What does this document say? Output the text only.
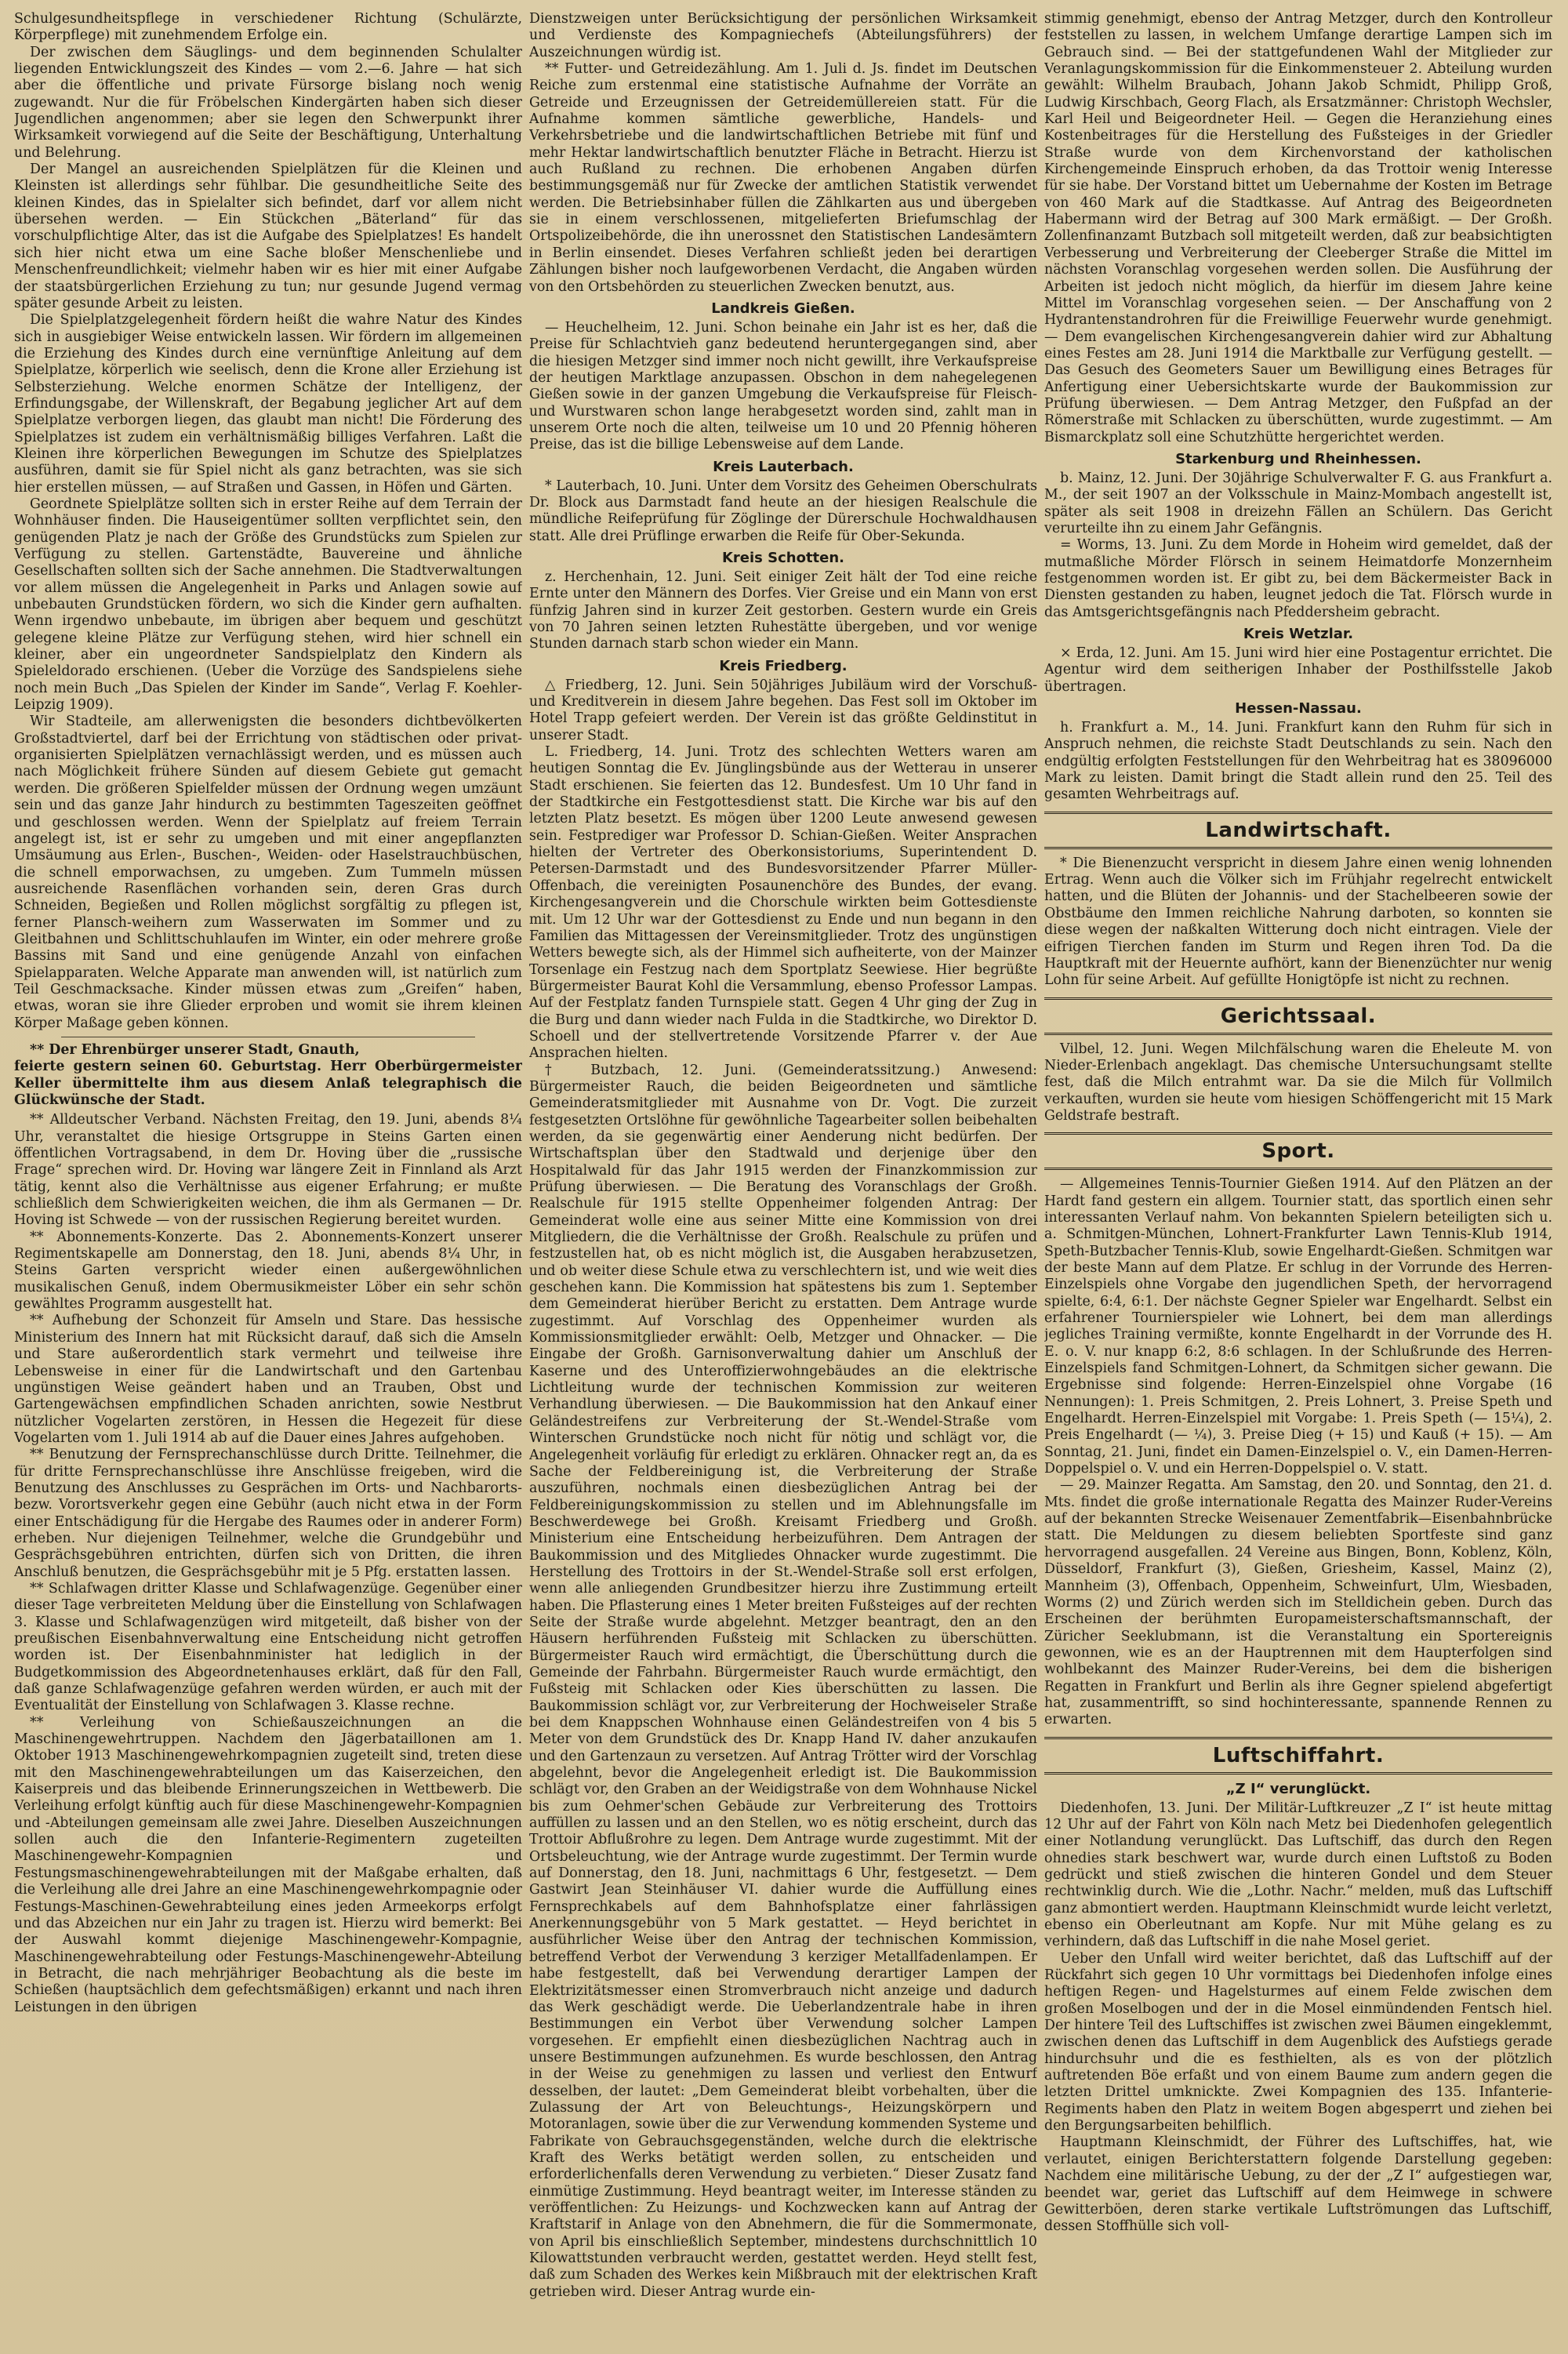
Schulgesundheitspflege in verschiedener Richtung (Schulärzte, Körperpflege) mit zunehmendem Erfolge ein.

Der zwischen dem Säuglings- und dem beginnenden Schulalter liegenden Entwicklungszeit des Kindes — vom 2.—6. Jahre — hat sich aber die öffentliche und private Fürsorge bislang noch wenig zugewandt. Nur die für Fröbelschen Kindergärten haben sich dieser Jugendlichen angenommen; aber sie legen den Schwerpunkt ihrer Wirksamkeit vorwiegend auf die Seite der Beschäftigung, Unterhaltung und Belehrung.

Der Mangel an ausreichenden Spielplätzen für die Kleinen und Kleinsten ist allerdings sehr fühlbar. Die gesundheitliche Seite des kleinen Kindes, das in Spielalter sich befindet, darf vor allem nicht übersehen werden. — Ein Stückchen „Bäterland“ für das vorschulpflichtige Alter, das ist die Aufgabe des Spielplatzes! Es handelt sich hier nicht etwa um eine Sache bloßer Menschenliebe und Menschenfreundlichkeit; vielmehr haben wir es hier mit einer Aufgabe der staatsbürgerlichen Erziehung zu tun; nur gesunde Jugend vermag später gesunde Arbeit zu leisten.

Die Spielplatzgelegenheit fördern heißt die wahre Natur des Kindes sich in ausgiebiger Weise entwickeln lassen. Wir fördern im allgemeinen die Erziehung des Kindes durch eine vernünftige Anleitung auf dem Spielplatze, körperlich wie seelisch, denn die Krone aller Erziehung ist Selbsterziehung. Welche enormen Schätze der Intelligenz, der Erfindungsgabe, der Willenskraft, der Begabung jeglicher Art auf dem Spielplatze verborgen liegen, das glaubt man nicht! Die Förderung des Spielplatzes ist zudem ein verhältnismäßig billiges Verfahren. Laßt die Kleinen ihre körperlichen Bewegungen im Schutze des Spielplatzes ausführen, damit sie für Spiel nicht als ganz betrachten, was sie sich hier erstellen müssen, — auf Straßen und Gassen, in Höfen und Gärten.

Geordnete Spielplätze sollten sich in erster Reihe auf dem Terrain der Wohnhäuser finden. Die Hauseigentümer sollten verpflichtet sein, den genügenden Platz je nach der Größe des Grundstücks zum Spielen zur Verfügung zu stellen. Gartenstädte, Bauvereine und ähnliche Gesellschaften sollten sich der Sache annehmen. Die Stadtverwaltungen vor allem müssen die Angelegenheit in Parks und Anlagen sowie auf unbebauten Grundstücken fördern, wo sich die Kinder gern aufhalten. Wenn irgendwo unbebaute, im übrigen aber bequem und geschützt gelegene kleine Plätze zur Verfügung stehen, wird hier schnell ein kleiner, aber ein ungeordneter Sandspielplatz den Kindern als Spieleldorado erschienen. (Ueber die Vorzüge des Sandspielens siehe noch mein Buch „Das Spielen der Kinder im Sande“, Verlag F. Koehler-Leipzig 1909).

Wir Stadteile, am allerwenigsten die besonders dichtbevölkerten Großstadtviertel, darf bei der Errichtung von städtischen oder privat-organisierten Spielplätzen vernachlässigt werden, und es müssen auch nach Möglichkeit frühere Sünden auf diesem Gebiete gut gemacht werden. Die größeren Spielfelder müssen der Ordnung wegen umzäunt sein und das ganze Jahr hindurch zu bestimmten Tageszeiten geöffnet und geschlossen werden. Wenn der Spielplatz auf freiem Terrain angelegt ist, ist er sehr zu umgeben und mit einer angepflanzten Umsäumung aus Erlen-, Buschen-, Weiden- oder Haselstrauchbüschen, die schnell emporwachsen, zu umgeben. Zum Tummeln müssen ausreichende Rasenflächen vorhanden sein, deren Gras durch Schneiden, Begießen und Rollen möglichst sorgfältig zu pflegen ist, ferner Plansch-weihern zum Wasserwaten im Sommer und zu Gleitbahnen und Schlittschuhlaufen im Winter, ein oder mehrere große Bassins mit Sand und eine genügende Anzahl von einfachen Spielapparaten. Welche Apparate man anwenden will, ist natürlich zum Teil Geschmacksache. Kinder müssen etwas zum „Greifen“ haben, etwas, woran sie ihre Glieder erproben und womit sie ihrem kleinen Körper Maßage geben können.

** Der Ehrenbürger unserer Stadt, Gnauth,

feierte gestern seinen 60. Geburtstag. Herr Oberbürgermeister Keller übermittelte ihm aus diesem Anlaß telegraphisch die Glückwünsche der Stadt.

** Alldeutscher Verband. Nächsten Freitag, den 19. Juni, abends 8¼ Uhr, veranstaltet die hiesige Ortsgruppe in Steins Garten einen öffentlichen Vortragsabend, in dem Dr. Hoving über die „russische Frage“ sprechen wird. Dr. Hoving war längere Zeit in Finnland als Arzt tätig, kennt also die Verhältnisse aus eigener Erfahrung; er mußte schließlich dem Schwierigkeiten weichen, die ihm als Germanen — Dr. Hoving ist Schwede — von der russischen Regierung bereitet wurden.

** Abonnements-Konzerte. Das 2. Abonnements-Konzert unserer Regimentskapelle am Donnerstag, den 18. Juni, abends 8¼ Uhr, in Steins Garten verspricht wieder einen außergewöhnlichen musikalischen Genuß, indem Obermusikmeister Löber ein sehr schön gewähltes Programm ausgestellt hat.

** Aufhebung der Schonzeit für Amseln und Stare. Das hessische Ministerium des Innern hat mit Rücksicht darauf, daß sich die Amseln und Stare außerordentlich stark vermehrt und teilweise ihre Lebensweise in einer für die Landwirtschaft und den Gartenbau ungünstigen Weise geändert haben und an Trauben, Obst und Gartengewächsen empfindlichen Schaden anrichten, sowie Nestbrut nützlicher Vogelarten zerstören, in Hessen die Hegezeit für diese Vogelarten vom 1. Juli 1914 ab auf die Dauer eines Jahres aufgehoben.

** Benutzung der Fernsprechanschlüsse durch Dritte. Teilnehmer, die für dritte Fernsprechanschlüsse ihre Anschlüsse freigeben, wird die Benutzung des Anschlusses zu Gesprächen im Orts- und Nachbarorts- bezw. Vorortsverkehr gegen eine Gebühr (auch nicht etwa in der Form einer Entschädigung für die Hergabe des Raumes oder in anderer Form) erheben. Nur diejenigen Teilnehmer, welche die Grundgebühr und Gesprächsgebühren entrichten, dürfen sich von Dritten, die ihren Anschluß benutzen, die Gesprächsgebühr mit je 5 Pfg. erstatten lassen.

** Schlafwagen dritter Klasse und Schlafwagenzüge. Gegenüber einer dieser Tage verbreiteten Meldung über die Einstellung von Schlafwagen 3. Klasse und Schlafwagenzügen wird mitgeteilt, daß bisher von der preußischen Eisenbahnverwaltung eine Entscheidung nicht getroffen worden ist. Der Eisenbahnminister hat lediglich in der Budgetkommission des Abgeordnetenhauses erklärt, daß für den Fall, daß ganze Schlafwagenzüge gefahren werden würden, er auch mit der Eventualität der Einstellung von Schlafwagen 3. Klasse rechne.

** Verleihung von Schießauszeichnungen an die Maschinengewehrtruppen. Nachdem den Jägerbataillonen am 1. Oktober 1913 Maschinengewehrkompagnien zugeteilt sind, treten diese mit den Maschinengewehrabteilungen um das Kaiserzeichen, den Kaiserpreis und das bleibende Erinnerungszeichen in Wettbewerb. Die Verleihung erfolgt künftig auch für diese Maschinengewehr-Kompagnien und -Abteilungen gemeinsam alle zwei Jahre. Dieselben Auszeichnungen sollen auch die den Infanterie-Regimentern zugeteilten Maschinengewehr-Kompagnien und Festungsmaschinengewehrabteilungen mit der Maßgabe erhalten, daß die Verleihung alle drei Jahre an eine Maschinengewehrkompagnie oder Festungs-Maschinen-Gewehrabteilung eines jeden Armeekorps erfolgt und das Abzeichen nur ein Jahr zu tragen ist. Hierzu wird bemerkt: Bei der Auswahl kommt diejenige Maschinengewehr-Kompagnie, Maschinengewehrabteilung oder Festungs-Maschinengewehr-Abteilung in Betracht, die nach mehrjähriger Beobachtung als die beste im Schießen (hauptsächlich dem gefechtsmäßigen) erkannt und nach ihren Leistungen in den übrigen

Dienstzweigen unter Berücksichtigung der persönlichen Wirksamkeit und Verdienste des Kompagniechefs (Abteilungsführers) der Auszeichnungen würdig ist.

** Futter- und Getreidezählung. Am 1. Juli d. Js. findet im Deutschen Reiche zum erstenmal eine statistische Aufnahme der Vorräte an Getreide und Erzeugnissen der Getreidemüllereien statt. Für die Aufnahme kommen sämtliche gewerbliche, Handels- und Verkehrsbetriebe und die landwirtschaftlichen Betriebe mit fünf und mehr Hektar landwirtschaftlich benutzter Fläche in Betracht. Hierzu ist auch Rußland zu rechnen. Die erhobenen Angaben dürfen bestimmungsgemäß nur für Zwecke der amtlichen Statistik verwendet werden. Die Betriebsinhaber füllen die Zählkarten aus und übergeben sie in einem verschlossenen, mitgelieferten Briefumschlag der Ortspolizeibehörde, die ihn unerossnet den Statistischen Landesämtern in Berlin einsendet. Dieses Verfahren schließt jeden bei derartigen Zählungen bisher noch laufgeworbenen Verdacht, die Angaben würden von den Ortsbehörden zu steuerlichen Zwecken benutzt, aus.

Landkreis Gießen.

— Heuchelheim, 12. Juni. Schon beinahe ein Jahr ist es her, daß die Preise für Schlachtvieh ganz bedeutend heruntergegangen sind, aber die hiesigen Metzger sind immer noch nicht gewillt, ihre Verkaufspreise der heutigen Marktlage anzupassen. Obschon in dem nahegelegenen Gießen sowie in der ganzen Umgebung die Verkaufspreise für Fleisch- und Wurstwaren schon lange herabgesetzt worden sind, zahlt man in unserem Orte noch die alten, teilweise um 10 und 20 Pfennig höheren Preise, das ist die billige Lebensweise auf dem Lande.

Kreis Lauterbach.

* Lauterbach, 10. Juni. Unter dem Vorsitz des Geheimen Oberschulrats Dr. Block aus Darmstadt fand heute an der hiesigen Realschule die mündliche Reifeprüfung für Zöglinge der Dürerschule Hochwaldhausen statt. Alle drei Prüflinge erwarben die Reife für Ober-Sekunda.

Kreis Schotten.

z. Herchenhain, 12. Juni. Seit einiger Zeit hält der Tod eine reiche Ernte unter den Männern des Dorfes. Vier Greise und ein Mann von erst fünfzig Jahren sind in kurzer Zeit gestorben. Gestern wurde ein Greis von 70 Jahren seinen letzten Ruhestätte übergeben, und vor wenige Stunden darnach starb schon wieder ein Mann.

Kreis Friedberg.

△ Friedberg, 12. Juni. Sein 50jähriges Jubiläum wird der Vorschuß- und Kreditverein in diesem Jahre begehen. Das Fest soll im Oktober im Hotel Trapp gefeiert werden. Der Verein ist das größte Geldinstitut in unserer Stadt.

L. Friedberg, 14. Juni. Trotz des schlechten Wetters waren am heutigen Sonntag die Ev. Jünglingsbünde aus der Wetterau in unserer Stadt erschienen. Sie feierten das 12. Bundesfest. Um 10 Uhr fand in der Stadtkirche ein Festgottesdienst statt. Die Kirche war bis auf den letzten Platz besetzt. Es mögen über 1200 Leute anwesend gewesen sein. Festprediger war Professor D. Schian-Gießen. Weiter Ansprachen hielten der Vertreter des Oberkonsistoriums, Superintendent D. Petersen-Darmstadt und des Bundesvorsitzender Pfarrer Müller-Offenbach, die vereinigten Posaunenchöre des Bundes, der evang. Kirchengesangverein und die Chorschule wirkten beim Gottesdienste mit. Um 12 Uhr war der Gottesdienst zu Ende und nun begann in den Familien das Mittagessen der Vereinsmitglieder. Trotz des ungünstigen Wetters bewegte sich, als der Himmel sich aufheiterte, von der Mainzer Torsenlage ein Festzug nach dem Sportplatz Seewiese. Hier begrüßte Bürgermeister Baurat Kohl die Versammlung, ebenso Professor Lampas. Auf der Festplatz fanden Turnspiele statt. Gegen 4 Uhr ging der Zug in die Burg und dann wieder nach Fulda in die Stadtkirche, wo Direktor D. Schoell und der stellvertretende Vorsitzende Pfarrer v. der Aue Ansprachen hielten.

† Butzbach, 12. Juni. (Gemeinderatssitzung.) Anwesend: Bürgermeister Rauch, die beiden Beigeordneten und sämtliche Gemeinderatsmitglieder mit Ausnahme von Dr. Vogt. Die zurzeit festgesetzten Ortslöhne für gewöhnliche Tagearbeiter sollen beibehalten werden, da sie gegenwärtig einer Aenderung nicht bedürfen. Der Wirtschaftsplan über den Stadtwald und derjenige über den Hospitalwald für das Jahr 1915 werden der Finanzkommission zur Prüfung überwiesen. — Die Beratung des Voranschlags der Großh. Realschule für 1915 stellte Oppenheimer folgenden Antrag: Der Gemeinderat wolle eine aus seiner Mitte eine Kommission von drei Mitgliedern, die die Verhältnisse der Großh. Realschule zu prüfen und festzustellen hat, ob es nicht möglich ist, die Ausgaben herabzusetzen, und ob weiter diese Schule etwa zu verschlechtern ist, und wie weit dies geschehen kann. Die Kommission hat spätestens bis zum 1. September dem Gemeinderat hierüber Bericht zu erstatten. Dem Antrage wurde zugestimmt. Auf Vorschlag des Oppenheimer wurden als Kommissionsmitglieder erwählt: Oelb, Metzger und Ohnacker. — Die Eingabe der Großh. Garnisonverwaltung dahier um Anschluß der Kaserne und des Unteroffizierwohngebäudes an die elektrische Lichtleitung wurde der technischen Kommission zur weiteren Verhandlung überwiesen. — Die Baukommission hat den Ankauf einer Geländestreifens zur Verbreiterung der St.-Wendel-Straße vom Winterschen Grundstücke noch nicht für nötig und schlägt vor, die Angelegenheit vorläufig für erledigt zu erklären. Ohnacker regt an, da es Sache der Feldbereinigung ist, die Verbreiterung der Straße auszuführen, nochmals einen diesbezüglichen Antrag bei der Feldbereinigungskommission zu stellen und im Ablehnungsfalle im Beschwerdewege bei Großh. Kreisamt Friedberg und Großh. Ministerium eine Entscheidung herbeizuführen. Dem Antragen der Baukommission und des Mitgliedes Ohnacker wurde zugestimmt. Die Herstellung des Trottoirs in der St.-Wendel-Straße soll erst erfolgen, wenn alle anliegenden Grundbesitzer hierzu ihre Zustimmung erteilt haben. Die Pflasterung eines 1 Meter breiten Fußsteiges auf der rechten Seite der Straße wurde abgelehnt. Metzger beantragt, den an den Häusern herführenden Fußsteig mit Schlacken zu überschütten. Bürgermeister Rauch wird ermächtigt, die Überschüttung durch die Gemeinde der Fahrbahn. Bürgermeister Rauch wurde ermächtigt, den Fußsteig mit Schlacken oder Kies überschütten zu lassen. Die Baukommission schlägt vor, zur Verbreiterung der Hochweiseler Straße bei dem Knappschen Wohnhause einen Geländestreifen von 4 bis 5 Meter von dem Grundstück des Dr. Knapp Hand IV. daher anzukaufen und den Gartenzaun zu versetzen. Auf Antrag Trötter wird der Vorschlag abgelehnt, bevor die Angelegenheit erledigt ist. Die Baukommission schlägt vor, den Graben an der Weidigstraße von dem Wohnhause Nickel bis zum Oehmer'schen Gebäude zur Verbreiterung des Trottoirs auffüllen zu lassen und an den Stellen, wo es nötig erscheint, durch das Trottoir Abflußrohre zu legen. Dem Antrage wurde zugestimmt. Mit der Ortsbeleuchtung, wie der Antrage wurde zugestimmt. Der Termin wurde auf Donnerstag, den 18. Juni, nachmittags 6 Uhr, festgesetzt. — Dem Gastwirt Jean Steinhäuser VI. dahier wurde die Auffüllung eines Fernsprechkabels auf dem Bahnhofsplatze einer fahrlässigen Anerkennungsgebühr von 5 Mark gestattet. — Heyd berichtet in ausführlicher Weise über den Antrag der technischen Kommission, betreffend Verbot der Verwendung 3 kerziger Metallfadenlampen. Er habe festgestellt, daß bei Verwendung derartiger Lampen der Elektrizitätsmesser einen Stromverbrauch nicht anzeige und dadurch das Werk geschädigt werde. Die Ueberlandzentrale habe in ihren Bestimmungen ein Verbot über Verwendung solcher Lampen vorgesehen. Er empfiehlt einen diesbezüglichen Nachtrag auch in unsere Bestimmungen aufzunehmen. Es wurde beschlossen, den Antrag in der Weise zu genehmigen zu lassen und verliest den Entwurf desselben, der lautet: „Dem Gemeinderat bleibt vorbehalten, über die Zulassung der Art von Beleuchtungs-, Heizungskörpern und Motoranlagen, sowie über die zur Verwendung kommenden Systeme und Fabrikate von Gebrauchsgegenständen, welche durch die elektrische Kraft des Werks betätigt werden sollen, zu entscheiden und erforderlichenfalls deren Verwendung zu verbieten.“ Dieser Zusatz fand einmütige Zustimmung. Heyd beantragt weiter, im Interesse ständen zu veröffentlichen: Zu Heizungs- und Kochzwecken kann auf Antrag der Kraftstarif in Anlage von den Abnehmern, die für die Sommermonate, von April bis einschließlich September, mindestens durchschnittlich 10 Kilowattstunden verbraucht werden, gestattet werden. Heyd stellt fest, daß zum Schaden des Werkes kein Mißbrauch mit der elektrischen Kraft getrieben wird. Dieser Antrag wurde ein-

stimmig genehmigt, ebenso der Antrag Metzger, durch den Kontrolleur feststellen zu lassen, in welchem Umfange derartige Lampen sich im Gebrauch sind. — Bei der stattgefundenen Wahl der Mitglieder zur Veranlagungskommission für die Einkommensteuer 2. Abteilung wurden gewählt: Wilhelm Braubach, Johann Jakob Schmidt, Philipp Groß, Ludwig Kirschbach, Georg Flach, als Ersatzmänner: Christoph Wechsler, Karl Heil und Beigeordneter Heil. — Gegen die Heranziehung eines Kostenbeitrages für die Herstellung des Fußsteiges in der Griedler Straße wurde von dem Kirchenvorstand der katholischen Kirchengemeinde Einspruch erhoben, da das Trottoir wenig Interesse für sie habe. Der Vorstand bittet um Uebernahme der Kosten im Betrage von 460 Mark auf die Stadtkasse. Auf Antrag des Beigeordneten Habermann wird der Betrag auf 300 Mark ermäßigt. — Der Großh. Zollenfinanzamt Butzbach soll mitgeteilt werden, daß zur beabsichtigten Verbesserung und Verbreiterung der Cleeberger Straße die Mittel im nächsten Voranschlag vorgesehen werden sollen. Die Ausführung der Arbeiten ist jedoch nicht möglich, da hierfür im diesem Jahre keine Mittel im Voranschlag vorgesehen seien. — Der Anschaffung von 2 Hydrantenstandrohren für die Freiwillige Feuerwehr wurde genehmigt. — Dem evangelischen Kirchengesangverein dahier wird zur Abhaltung eines Festes am 28. Juni 1914 die Marktballe zur Verfügung gestellt. — Das Gesuch des Geometers Sauer um Bewilligung eines Betrages für Anfertigung einer Uebersichtskarte wurde der Baukommission zur Prüfung überwiesen. — Dem Antrag Metzger, den Fußpfad an der Römerstraße mit Schlacken zu überschütten, wurde zugestimmt. — Am Bismarckplatz soll eine Schutzhütte hergerichtet werden.

Starkenburg und Rheinhessen.

b. Mainz, 12. Juni. Der 30jährige Schulverwalter F. G. aus Frankfurt a. M., der seit 1907 an der Volksschule in Mainz-Mombach angestellt ist, später als seit 1908 in dreizehn Fällen an Schülern. Das Gericht verurteilte ihn zu einem Jahr Gefängnis.

= Worms, 13. Juni. Zu dem Morde in Hoheim wird gemeldet, daß der mutmaßliche Mörder Flörsch in seinem Heimatdorfe Monzernheim festgenommen worden ist. Er gibt zu, bei dem Bäckermeister Back in Diensten gestanden zu haben, leugnet jedoch die Tat. Flörsch wurde in das Amtsgerichtsgefängnis nach Pfeddersheim gebracht.

Kreis Wetzlar.

× Erda, 12. Juni. Am 15. Juni wird hier eine Postagentur errichtet. Die Agentur wird dem seitherigen Inhaber der Posthilfsstelle Jakob übertragen.

Hessen-Nassau.

h. Frankfurt a. M., 14. Juni. Frankfurt kann den Ruhm für sich in Anspruch nehmen, die reichste Stadt Deutschlands zu sein. Nach den endgültig erfolgten Feststellungen für den Wehrbeitrag hat es 38096000 Mark zu leisten. Damit bringt die Stadt allein rund den 25. Teil des gesamten Wehrbeitrags auf.

Landwirtschaft.

* Die Bienenzucht verspricht in diesem Jahre einen wenig lohnenden Ertrag. Wenn auch die Völker sich im Frühjahr regelrecht entwickelt hatten, und die Blüten der Johannis- und der Stachelbeeren sowie der Obstbäume den Immen reichliche Nahrung darboten, so konnten sie diese wegen der naßkalten Witterung doch nicht eintragen. Viele der eifrigen Tierchen fanden im Sturm und Regen ihren Tod. Da die Hauptkraft mit der Heuernte aufhört, kann der Bienenzüchter nur wenig Lohn für seine Arbeit. Auf gefüllte Honigtöpfe ist nicht zu rechnen.

Gerichtssaal.

Vilbel, 12. Juni. Wegen Milchfälschung waren die Eheleute M. von Nieder-Erlenbach angeklagt. Das chemische Untersuchungsamt stellte fest, daß die Milch entrahmt war. Da sie die Milch für Vollmilch verkauften, wurden sie heute vom hiesigen Schöffengericht mit 15 Mark Geldstrafe bestraft.

Sport.

— Allgemeines Tennis-Tournier Gießen 1914. Auf den Plätzen an der Hardt fand gestern ein allgem. Tournier statt, das sportlich einen sehr interessanten Verlauf nahm. Von bekannten Spielern beteiligten sich u. a. Schmitgen-München, Lohnert-Frankfurter Lawn Tennis-Klub 1914, Speth-Butzbacher Tennis-Klub, sowie Engelhardt-Gießen. Schmitgen war der beste Mann auf dem Platze. Er schlug in der Vorrunde des Herren-Einzelspiels ohne Vorgabe den jugendlichen Speth, der hervorragend spielte, 6:4, 6:1. Der nächste Gegner Spieler war Engelhardt. Selbst ein erfahrener Tournierspieler wie Lohnert, bei dem man allerdings jegliches Training vermißte, konnte Engelhardt in der Vorrunde des H. E. o. V. nur knapp 6:2, 8:6 schlagen. In der Schlußrunde des Herren-Einzelspiels fand Schmitgen-Lohnert, da Schmitgen sicher gewann. Die Ergebnisse sind folgende: Herren-Einzelspiel ohne Vorgabe (16 Nennungen): 1. Preis Schmitgen, 2. Preis Lohnert, 3. Preise Speth und Engelhardt. Herren-Einzelspiel mit Vorgabe: 1. Preis Speth (— 15¼), 2. Preis Engelhardt (— ¼), 3. Preise Dieg (+ 15) und Kauß (+ 15). — Am Sonntag, 21. Juni, findet ein Damen-Einzelspiel o. V., ein Damen-Herren-Doppelspiel o. V. und ein Herren-Doppelspiel o. V. statt.

— 29. Mainzer Regatta. Am Samstag, den 20. und Sonntag, den 21. d. Mts. findet die große internationale Regatta des Mainzer Ruder-Vereins auf der bekannten Strecke Weisenauer Zementfabrik—Eisenbahnbrücke statt. Die Meldungen zu diesem beliebten Sportfeste sind ganz hervorragend ausgefallen. 24 Vereine aus Bingen, Bonn, Koblenz, Köln, Düsseldorf, Frankfurt (3), Gießen, Griesheim, Kassel, Mainz (2), Mannheim (3), Offenbach, Oppenheim, Schweinfurt, Ulm, Wiesbaden, Worms (2) und Zürich werden sich im Stelldichein geben. Durch das Erscheinen der berühmten Europameisterschaftsmannschaft, der Züricher Seeklubmann, ist die Veranstaltung ein Sportereignis gewonnen, wie es an der Hauptrennen mit dem Haupterfolgen sind wohlbekannt des Mainzer Ruder-Vereins, bei dem die bisherigen Regatten in Frankfurt und Berlin als ihre Gegner spielend abgefertigt hat, zusammentrifft, so sind hochinteressante, spannende Rennen zu erwarten.

Luftschiffahrt.
„Z I“ verunglückt.

Diedenhofen, 13. Juni. Der Militär-Luftkreuzer „Z I“ ist heute mittag 12 Uhr auf der Fahrt von Köln nach Metz bei Diedenhofen gelegentlich einer Notlandung verunglückt. Das Luftschiff, das durch den Regen ohnedies stark beschwert war, wurde durch einen Luftstoß zu Boden gedrückt und stieß zwischen die hinteren Gondel und dem Steuer rechtwinklig durch. Wie die „Lothr. Nachr.“ melden, muß das Luftschiff ganz abmontiert werden. Hauptmann Kleinschmidt wurde leicht verletzt, ebenso ein Oberleutnant am Kopfe. Nur mit Mühe gelang es zu verhindern, daß das Luftschiff in die nahe Mosel geriet.

Ueber den Unfall wird weiter berichtet, daß das Luftschiff auf der Rückfahrt sich gegen 10 Uhr vormittags bei Diedenhofen infolge eines heftigen Regen- und Hagelsturmes auf einem Felde zwischen dem großen Moselbogen und der in die Mosel einmündenden Fentsch hiel. Der hintere Teil des Luftschiffes ist zwischen zwei Bäumen eingeklemmt, zwischen denen das Luftschiff in dem Augenblick des Aufstiegs gerade hindurchsuhr und die es festhielten, als es von der plötzlich auftretenden Böe erfaßt und von einem Baume zum andern gegen die letzten Drittel umknickte. Zwei Kompagnien des 135. Infanterie-Regiments haben den Platz in weitem Bogen abgesperrt und ziehen bei den Bergungsarbeiten behilflich.

Hauptmann Kleinschmidt, der Führer des Luftschiffes, hat, wie verlautet, einigen Berichterstattern folgende Darstellung gegeben: Nachdem eine militärische Uebung, zu der der „Z I“ aufgestiegen war, beendet war, geriet das Luftschiff auf dem Heimwege in schwere Gewitterböen, deren starke vertikale Luftströmungen das Luftschiff, dessen Stoffhülle sich voll-
